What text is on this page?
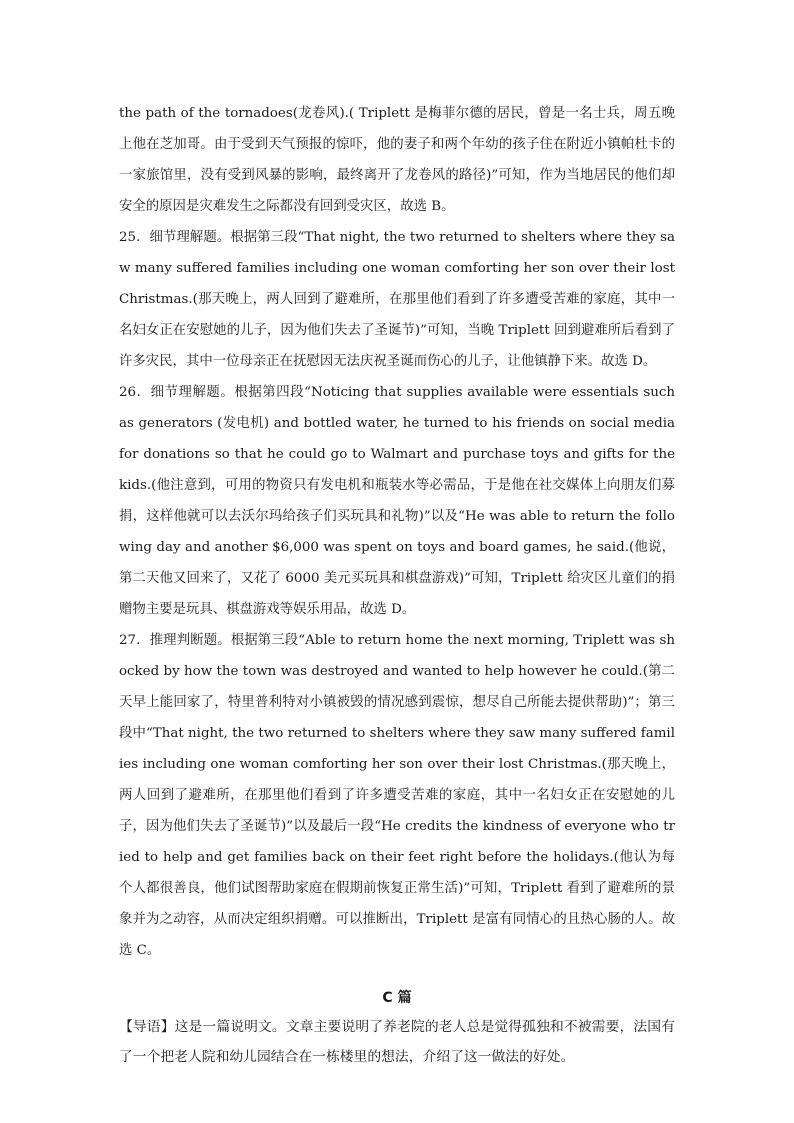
the path of the tornadoes(龙卷风).( Triplett 是梅菲尔德的居民，曾是一名士兵，周五晚上他在芝加哥。由于受到天气预报的惊吓，他的妻子和两个年幼的孩子住在附近小镇帕杜卡的一家旅馆里，没有受到风暴的影响，最终离开了龙卷风的路径)”可知，作为当地居民的他们却安全的原因是灾难发生之际都没有回到受灾区，故选 B。

25．细节理解题。根据第三段“That night, the two returned to shelters where they saw many suffered families including one woman comforting her son over their lost Christmas.(那天晚上，两人回到了避难所，在那里他们看到了许多遭受苦难的家庭，其中一名妇女正在安慰她的儿子，因为他们失去了圣诞节)”可知，当晚 Triplett 回到避难所后看到了许多灾民，其中一位母亲正在抚慰因无法庆祝圣诞而伤心的儿子，让他镇静下来。故选 D。

26．细节理解题。根据第四段“Noticing that supplies available were essentials such as generators (发电机) and bottled water, he turned to his friends on social media for donations so that he could go to Walmart and purchase toys and gifts for the kids.(他注意到，可用的物资只有发电机和瓶装水等必需品，于是他在社交媒体上向朋友们募捐，这样他就可以去沃尔玛给孩子们买玩具和礼物)”以及“He was able to return the following day and another $6,000 was spent on toys and board games, he said.(他说，第二天他又回来了，又花了 6000 美元买玩具和棋盘游戏)”可知，Triplett 给灾区儿童们的捐赠物主要是玩具、棋盘游戏等娱乐用品，故选 D。

27．推理判断题。根据第三段“Able to return home the next morning, Triplett was shocked by how the town was destroyed and wanted to help however he could.(第二天早上能回家了，特里普利特对小镇被毁的情况感到震惊，想尽自己所能去提供帮助)”；第三段中“That night, the two returned to shelters where they saw many suffered families including one woman comforting her son over their lost Christmas.(那天晚上，两人回到了避难所，在那里他们看到了许多遭受苦难的家庭，其中一名妇女正在安慰她的儿子，因为他们失去了圣诞节)”以及最后一段“He credits the kindness of everyone who tried to help and get families back on their feet right before the holidays.(他认为每个人都很善良，他们试图帮助家庭在假期前恢复正常生活)”可知，Triplett 看到了避难所的景象并为之动容，从而决定组织捐赠。可以推断出，Triplett 是富有同情心的且热心肠的人。故选 C。

C 篇

【导语】这是一篇说明文。文章主要说明了养老院的老人总是觉得孤独和不被需要，法国有了一个把老人院和幼儿园结合在一栋楼里的想法，介绍了这一做法的好处。
